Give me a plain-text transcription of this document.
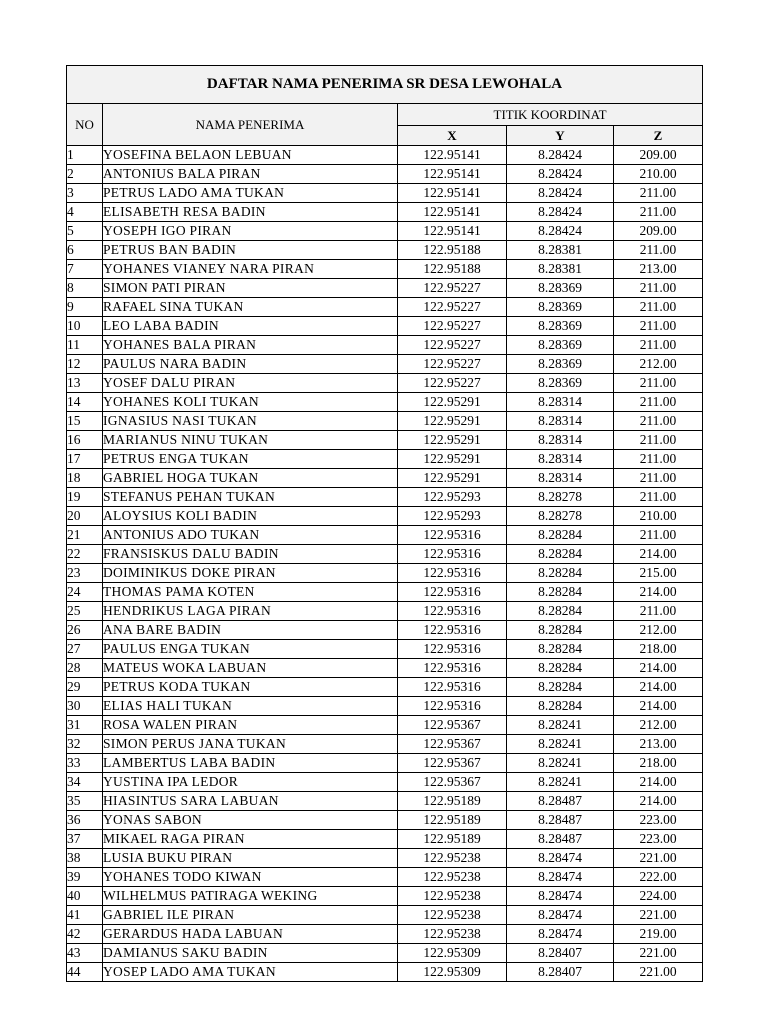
DAFTAR NAMA PENERIMA SR DESA LEWOHALA				
NO	NAMA PENERIMA	TITIK KOORDINAT		
		X	Y	Z
1	YOSEFINA BELAON LEBUAN	122.95141	8.28424	209.00
2	ANTONIUS BALA PIRAN	122.95141	8.28424	210.00
3	PETRUS LADO AMA TUKAN	122.95141	8.28424	211.00
4	ELISABETH RESA BADIN	122.95141	8.28424	211.00
5	YOSEPH IGO PIRAN	122.95141	8.28424	209.00
6	PETRUS BAN BADIN	122.95188	8.28381	211.00
7	YOHANES VIANEY NARA PIRAN	122.95188	8.28381	213.00
8	SIMON PATI PIRAN	122.95227	8.28369	211.00
9	RAFAEL SINA TUKAN	122.95227	8.28369	211.00
10	LEO LABA BADIN	122.95227	8.28369	211.00
11	YOHANES BALA PIRAN	122.95227	8.28369	211.00
12	PAULUS NARA BADIN	122.95227	8.28369	212.00
13	YOSEF DALU PIRAN	122.95227	8.28369	211.00
14	YOHANES KOLI TUKAN	122.95291	8.28314	211.00
15	IGNASIUS NASI TUKAN	122.95291	8.28314	211.00
16	MARIANUS NINU TUKAN	122.95291	8.28314	211.00
17	PETRUS ENGA TUKAN	122.95291	8.28314	211.00
18	GABRIEL HOGA TUKAN	122.95291	8.28314	211.00
19	STEFANUS PEHAN TUKAN	122.95293	8.28278	211.00
20	ALOYSIUS KOLI BADIN	122.95293	8.28278	210.00
21	ANTONIUS ADO TUKAN	122.95316	8.28284	211.00
22	FRANSISKUS DALU BADIN	122.95316	8.28284	214.00
23	DOIMINIKUS DOKE PIRAN	122.95316	8.28284	215.00
24	THOMAS PAMA KOTEN	122.95316	8.28284	214.00
25	HENDRIKUS LAGA PIRAN	122.95316	8.28284	211.00
26	ANA BARE BADIN	122.95316	8.28284	212.00
27	PAULUS ENGA TUKAN	122.95316	8.28284	218.00
28	MATEUS WOKA LABUAN	122.95316	8.28284	214.00
29	PETRUS KODA TUKAN	122.95316	8.28284	214.00
30	ELIAS HALI TUKAN	122.95316	8.28284	214.00
31	ROSA WALEN PIRAN	122.95367	8.28241	212.00
32	SIMON PERUS JANA TUKAN	122.95367	8.28241	213.00
33	LAMBERTUS LABA BADIN	122.95367	8.28241	218.00
34	YUSTINA IPA LEDOR	122.95367	8.28241	214.00
35	HIASINTUS SARA LABUAN	122.95189	8.28487	214.00
36	YONAS SABON	122.95189	8.28487	223.00
37	MIKAEL RAGA PIRAN	122.95189	8.28487	223.00
38	LUSIA BUKU PIRAN	122.95238	8.28474	221.00
39	YOHANES TODO KIWAN	122.95238	8.28474	222.00
40	WILHELMUS PATIRAGA WEKING	122.95238	8.28474	224.00
41	GABRIEL ILE PIRAN	122.95238	8.28474	221.00
42	GERARDUS HADA LABUAN	122.95238	8.28474	219.00
43	DAMIANUS SAKU BADIN	122.95309	8.28407	221.00
44	YOSEP LADO AMA TUKAN	122.95309	8.28407	221.00
